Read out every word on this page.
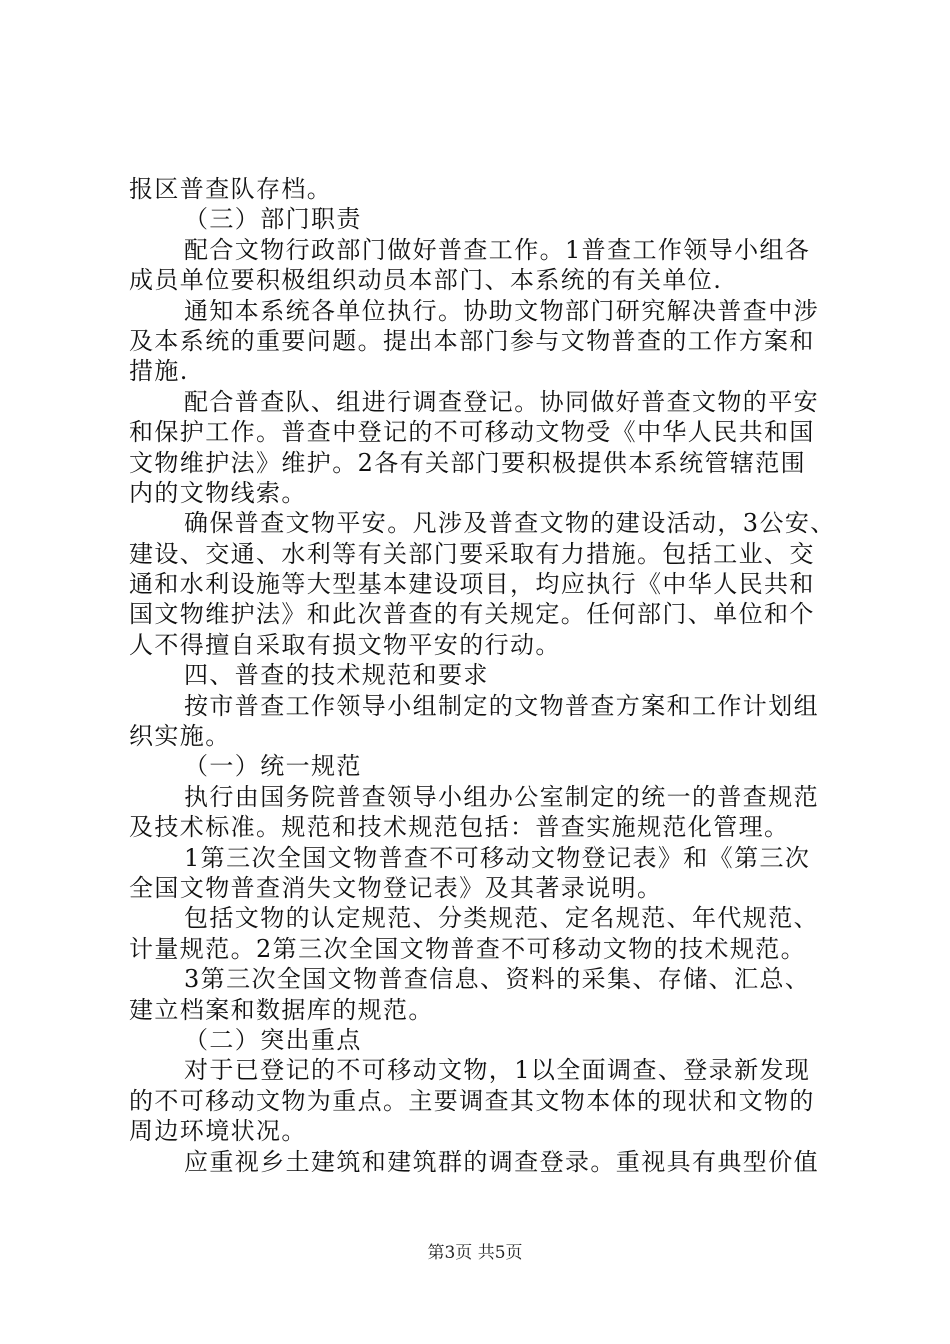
报区普查队存档。
（三）部门职责
配合文物行政部门做好普查工作。1普查工作领导小组各
成员单位要积极组织动员本部门、本系统的有关单位.
通知本系统各单位执行。协助文物部门研究解决普查中涉
及本系统的重要问题。提出本部门参与文物普查的工作方案和
措施.
配合普查队、组进行调查登记。协同做好普查文物的平安
和保护工作。普查中登记的不可移动文物受《中华人民共和国
文物维护法》维护。2各有关部门要积极提供本系统管辖范围
内的文物线索。
确保普查文物平安。凡涉及普查文物的建设活动，3公安、
建设、交通、水利等有关部门要采取有力措施。包括工业、交
通和水利设施等大型基本建设项目，均应执行《中华人民共和
国文物维护法》和此次普查的有关规定。任何部门、单位和个
人不得擅自采取有损文物平安的行动。
四、普查的技术规范和要求
按市普查工作领导小组制定的文物普查方案和工作计划组
织实施。
（一）统一规范
执行由国务院普查领导小组办公室制定的统一的普查规范
及技术标准。规范和技术规范包括：普查实施规范化管理。
1第三次全国文物普查不可移动文物登记表》和《第三次
全国文物普查消失文物登记表》及其著录说明。
包括文物的认定规范、分类规范、定名规范、年代规范、
计量规范。2第三次全国文物普查不可移动文物的技术规范。
3第三次全国文物普查信息、资料的采集、存储、汇总、
建立档案和数据库的规范。
（二）突出重点
对于已登记的不可移动文物，1以全面调查、登录新发现
的不可移动文物为重点。主要调查其文物本体的现状和文物的
周边环境状况。
应重视乡土建筑和建筑群的调查登录。重视具有典型价值
第3页 共5页
